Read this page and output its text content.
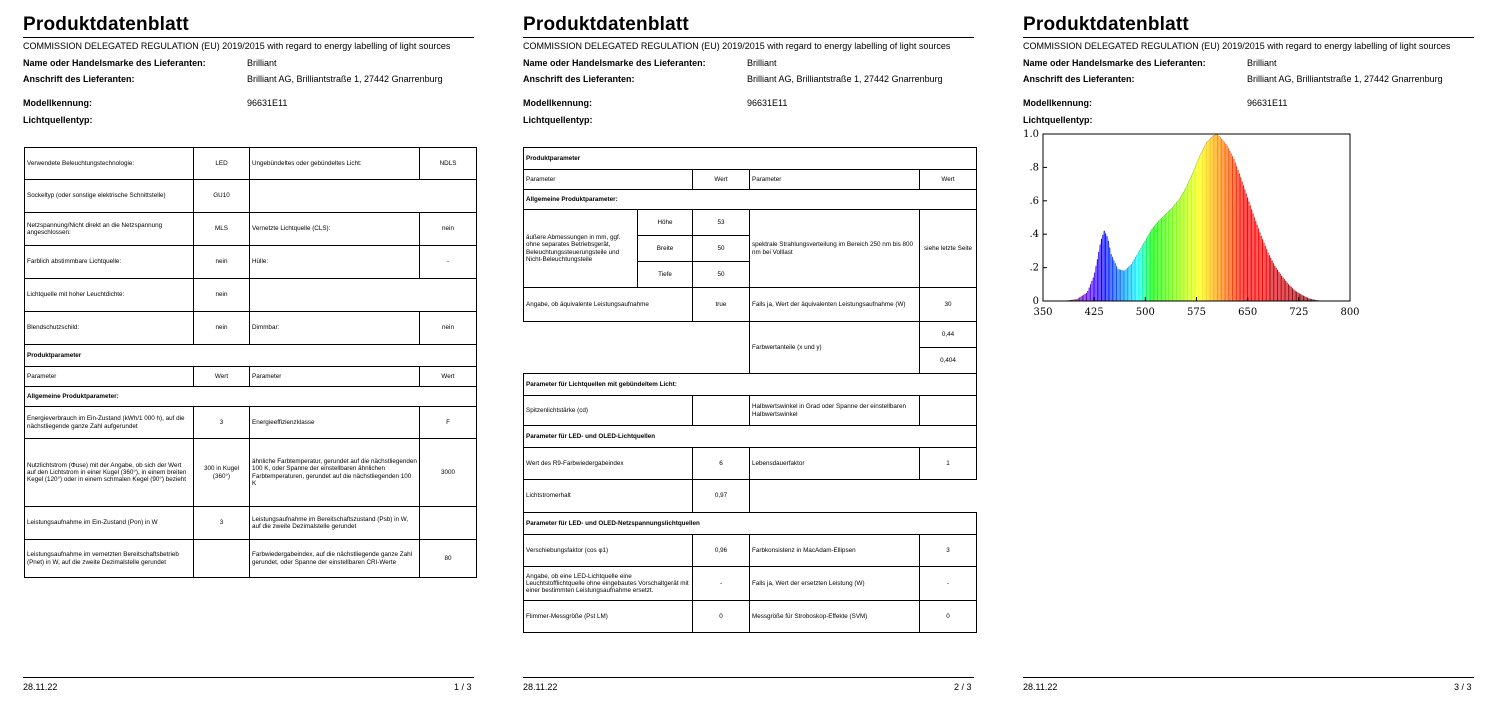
Produktdatenblatt
COMMISSION DELEGATED REGULATION (EU) 2019/2015 with regard to energy labelling of light sources
Name oder Handelsmarke des Lieferanten:	Brilliant
Anschrift des Lieferanten:	Brilliant AG, Brilliantstraße 1, 27442 Gnarrenburg
Modellkennung:	96631E11
Lichtquellentyp:
Verwendete Beleuchtungstechnologie:	LED	Ungebündeltes oder gebündeltes Licht:	NDLS
Sockeltyp (oder sonstige elektrische Schnittstelle)	GU10		
Netzspannung/Nicht direkt an die Netzspannung angeschlossen:	MLS	Vernetzte Lichtquelle (CLS):	nein
Farblich abstimmbare Lichtquelle:	nein	Hülle:	-
Lichtquelle mit hoher Leuchtdichte:	nein		
Blendschutzschild:	nein	Dimmbar:	nein
Produktparameter			
Parameter	Wert	Parameter	Wert
Allgemeine Produktparameter:			
Energieverbrauch im Ein-Zustand (kWh/1 000 h), auf die nächstliegende ganze Zahl aufgerundet	3	Energieeffizienzklasse	F
Nutzlichtstrom (Φuse) mit der Angabe, ob sich der Wert auf den Lichtstrom in einer Kugel (360°), in einem breiten Kegel (120°) oder in einem schmalen Kegel (90°) bezieht	300 in Kugel (360°)	ähnliche Farbtemperatur, gerundet auf die nächstliegenden 100 K, oder Spanne der einstellbaren ähnlichen Farbtemperaturen, gerundet auf die nächstliegenden 100 K	3000
Leistungsaufnahme im Ein-Zustand (Pon) in W	3	Leistungsaufnahme im Bereitschaftszustand (Psb) in W, auf die zweite Dezimalstelle gerundet	
Leistungsaufnahme im vernetzten Bereitschaftsbetrieb (Pnet) in W, auf die zweite Dezimalstelle gerundet		Farbwiedergabeindex, auf die nächstliegende ganze Zahl gerundet, oder Spanne der einstellbaren CRI-Werte	80
28.11.22	1 / 3
Produktdatenblatt
COMMISSION DELEGATED REGULATION (EU) 2019/2015 with regard to energy labelling of light sources
Name oder Handelsmarke des Lieferanten:	Brilliant
Anschrift des Lieferanten:	Brilliant AG, Brilliantstraße 1, 27442 Gnarrenburg
Modellkennung:	96631E11
Lichtquellentyp:
Produktparameter				
Parameter		Wert	Parameter	Wert
Allgemeine Produktparameter:				
äußere Abmessungen in mm, ggf. ohne separates Betriebsgerät, Beleuchtungssteuerungsteile und Nicht-Beleuchtungsteile	Höhe	53	spektrale Strahlungsverteilung im Bereich 250 nm bis 800 nm bei Volllast	siehe letzte Seite
	Breite	50		
	Tiefe	50		
Angabe, ob äquivalente Leistungsaufnahme		true	Falls ja, Wert der äquivalenten Leistungsaufnahme (W)	30
			Farbwertanteile (x und y)	0,44
				0,404
Parameter für Lichtquellen mit gebündeltem Licht:				
Spitzenlichtstärke (cd)			Halbwertswinkel in Grad oder Spanne der einstellbaren Halbwertswinkel	
Parameter für LED- und OLED-Lichtquellen				
Wert des R9-Farbwiedergabeindex		6	Lebensdauerfaktor	1
Lichtstromerhalt		0,97		
Parameter für LED- und OLED-Netzspannungslichtquellen				
Verschiebungsfaktor (cos φ1)		0,96	Farbkonsistenz in MacAdam-Ellipsen	3
Angabe, ob eine LED-Lichtquelle eine Leuchtstofflichtquelle ohne eingebautes Vorschaltgerät mit einer bestimmten Leistungsaufnahme ersetzt.		-	Falls ja, Wert der ersetzten Leistung (W)	-
Flimmer-Messgröße (Pst LM)		0	Messgröße für Stroboskop-Effekte (SVM)	0
28.11.22	2 / 3
Produktdatenblatt
COMMISSION DELEGATED REGULATION (EU) 2019/2015 with regard to energy labelling of light sources
Name oder Handelsmarke des Lieferanten:	Brilliant
Anschrift des Lieferanten:	Brilliant AG, Brilliantstraße 1, 27442 Gnarrenburg
Modellkennung:	96631E11
Lichtquellentyp:
350	425	500	575	650	725	800
0
.2
.4
.6
.8
1.0
28.11.22	3 / 3
